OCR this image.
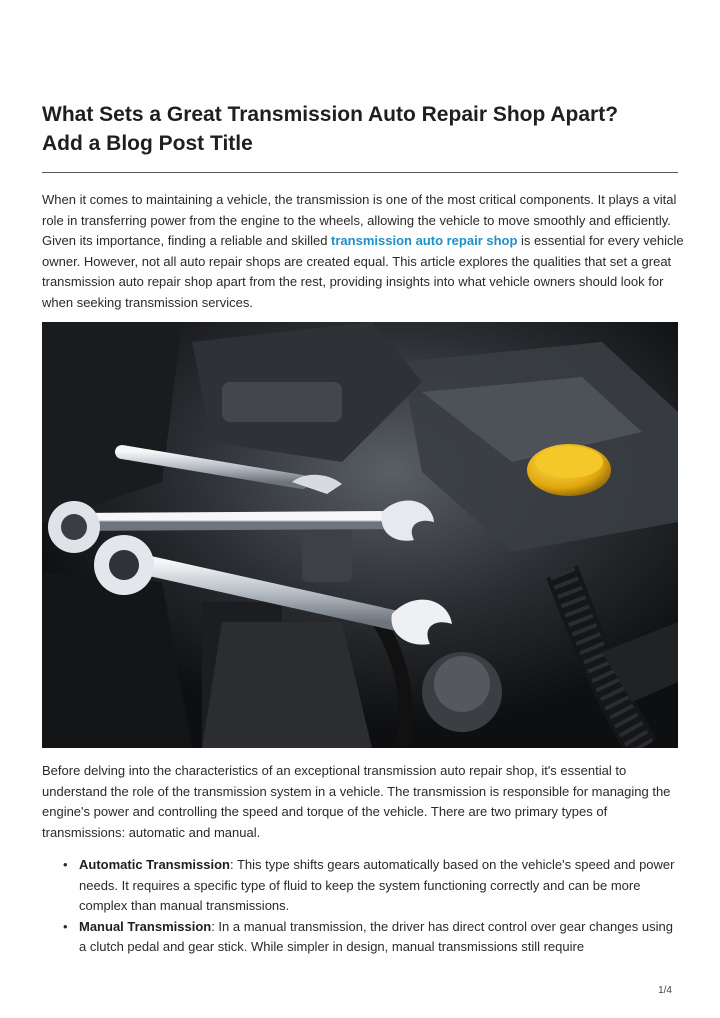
What Sets a Great Transmission Auto Repair Shop Apart?
Add a Blog Post Title

When it comes to maintaining a vehicle, the transmission is one of the most critical components. It plays a vital role in transferring power from the engine to the wheels, allowing the vehicle to move smoothly and efficiently. Given its importance, finding a reliable and skilled transmission auto repair shop is essential for every vehicle owner. However, not all auto repair shops are created equal. This article explores the qualities that set a great transmission auto repair shop apart from the rest, providing insights into what vehicle owners should look for when seeking transmission services.

Before delving into the characteristics of an exceptional transmission auto repair shop, it's essential to understand the role of the transmission system in a vehicle. The transmission is responsible for managing the engine's power and controlling the speed and torque of the vehicle. There are two primary types of transmissions: automatic and manual.

• Automatic Transmission: This type shifts gears automatically based on the vehicle's speed and power needs. It requires a specific type of fluid to keep the system functioning correctly and can be more complex than manual transmissions.
• Manual Transmission: In a manual transmission, the driver has direct control over gear changes using a clutch pedal and gear stick. While simpler in design, manual transmissions still require
1/4
